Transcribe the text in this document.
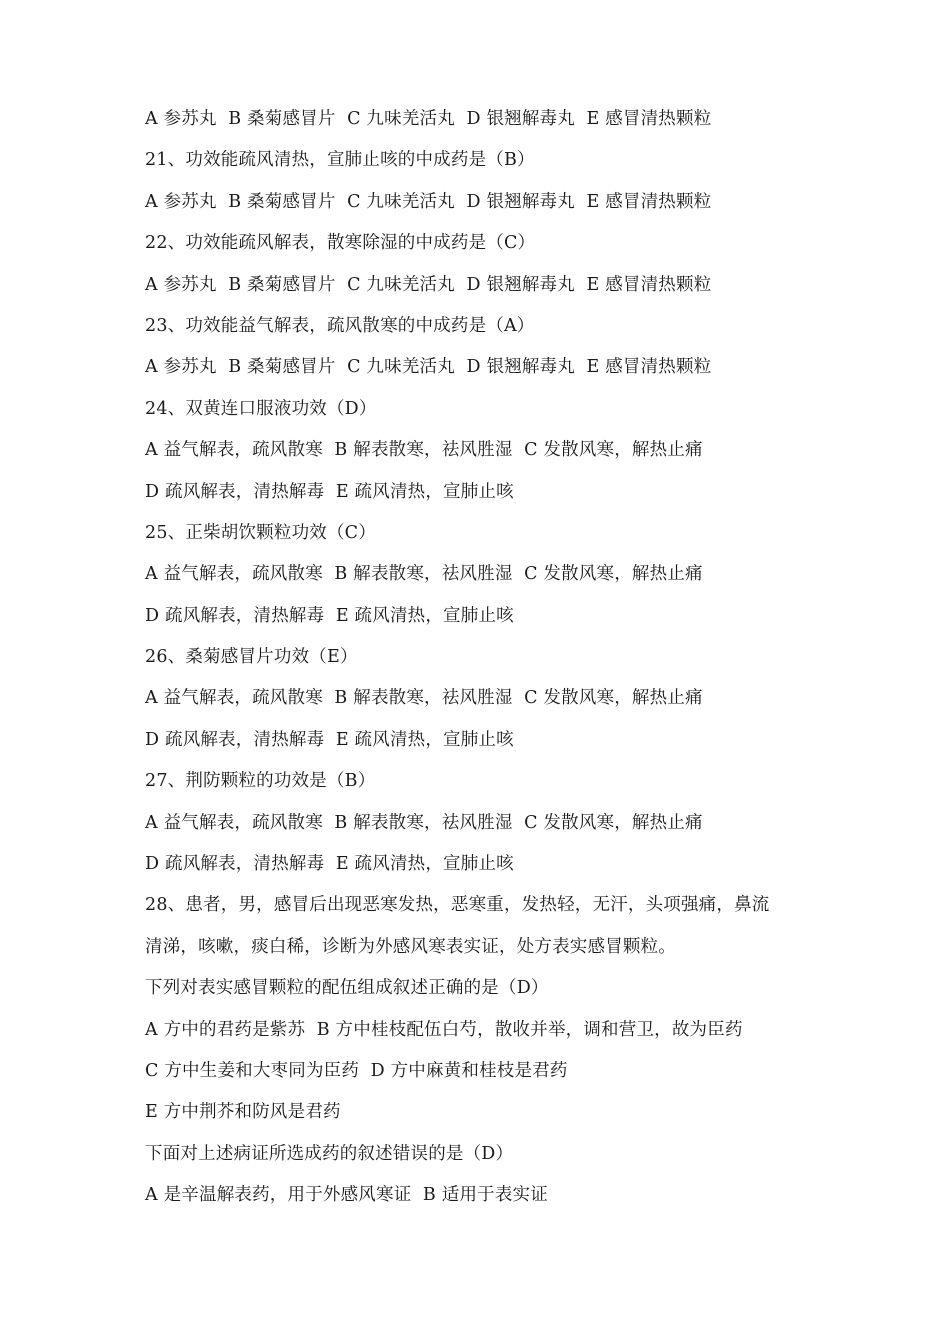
A 参苏丸  B 桑菊感冒片  C 九味羌活丸  D 银翘解毒丸  E 感冒清热颗粒
21、功效能疏风清热，宣肺止咳的中成药是（B）
A 参苏丸  B 桑菊感冒片  C 九味羌活丸  D 银翘解毒丸  E 感冒清热颗粒
22、功效能疏风解表，散寒除湿的中成药是（C）
A 参苏丸  B 桑菊感冒片  C 九味羌活丸  D 银翘解毒丸  E 感冒清热颗粒
23、功效能益气解表，疏风散寒的中成药是（A）
A 参苏丸  B 桑菊感冒片  C 九味羌活丸  D 银翘解毒丸  E 感冒清热颗粒
24、双黄连口服液功效（D）
A 益气解表，疏风散寒  B 解表散寒，祛风胜湿  C 发散风寒，解热止痛
D 疏风解表，清热解毒  E 疏风清热，宣肺止咳
25、正柴胡饮颗粒功效（C）
A 益气解表，疏风散寒  B 解表散寒，祛风胜湿  C 发散风寒，解热止痛
D 疏风解表，清热解毒  E 疏风清热，宣肺止咳
26、桑菊感冒片功效（E）
A 益气解表，疏风散寒  B 解表散寒，祛风胜湿  C 发散风寒，解热止痛
D 疏风解表，清热解毒  E 疏风清热，宣肺止咳
27、荆防颗粒的功效是（B）
A 益气解表，疏风散寒  B 解表散寒，祛风胜湿  C 发散风寒，解热止痛
D 疏风解表，清热解毒  E 疏风清热，宣肺止咳
28、患者，男，感冒后出现恶寒发热，恶寒重，发热轻，无汗，头项强痛，鼻流
清涕，咳嗽，痰白稀，诊断为外感风寒表实证，处方表实感冒颗粒。
下列对表实感冒颗粒的配伍组成叙述正确的是（D）
A 方中的君药是紫苏  B 方中桂枝配伍白芍，散收并举，调和营卫，故为臣药
C 方中生姜和大枣同为臣药  D 方中麻黄和桂枝是君药
E 方中荆芥和防风是君药
下面对上述病证所选成药的叙述错误的是（D）
A 是辛温解表药，用于外感风寒证  B 适用于表实证
